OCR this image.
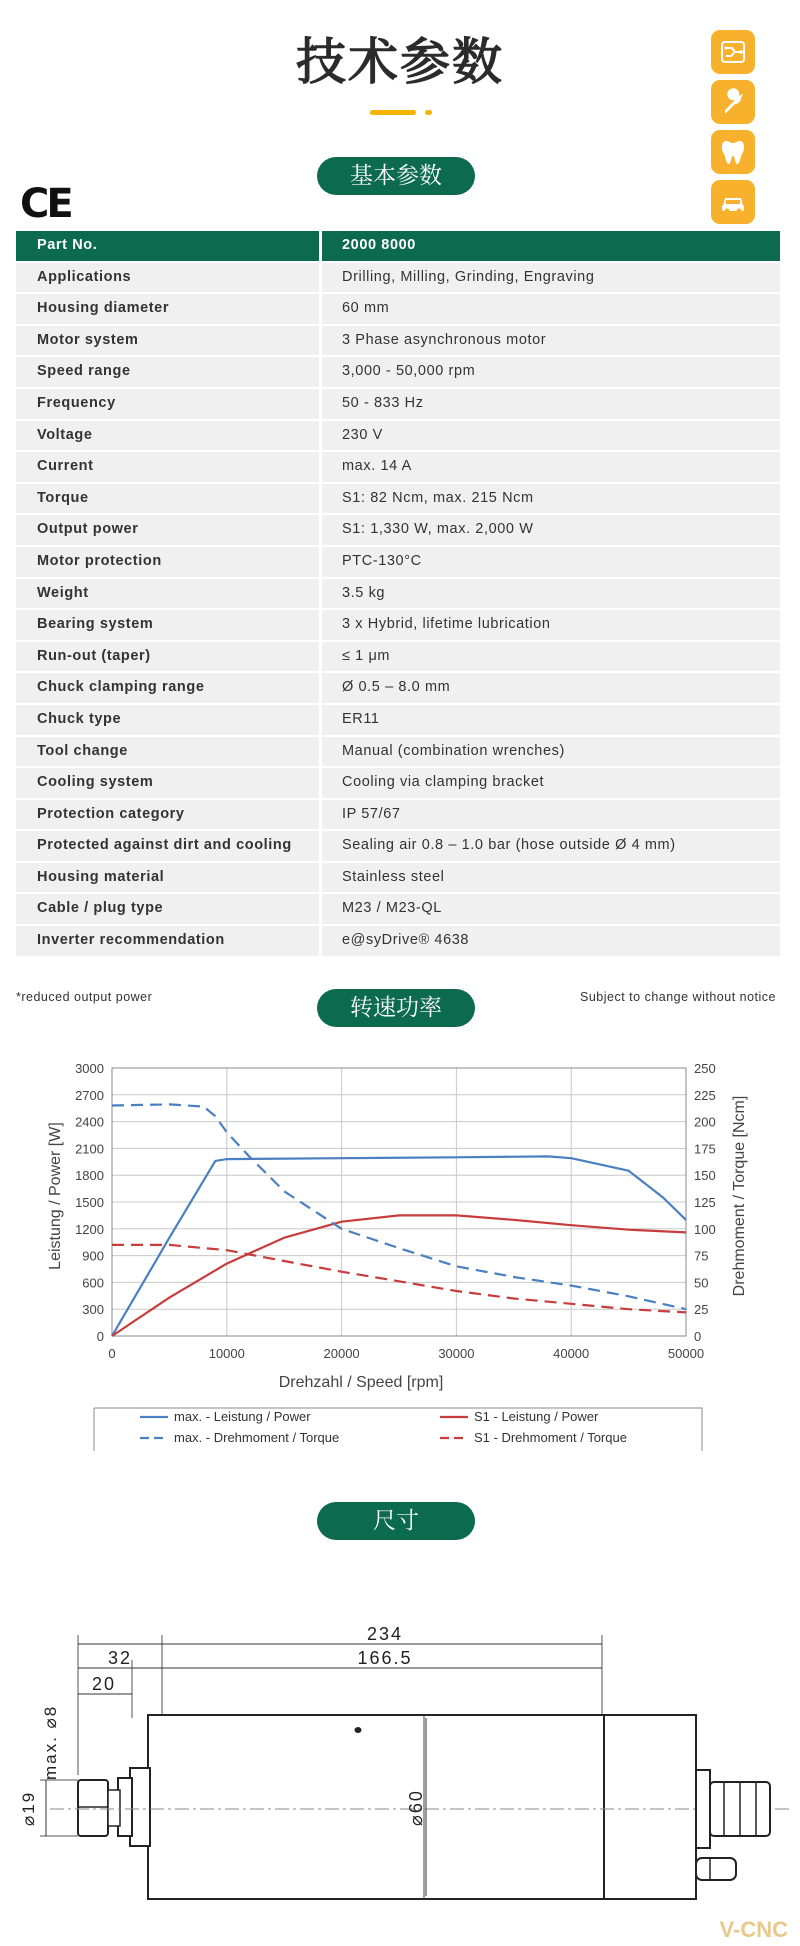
技术参数
基本参数
CE
Part No.	2000 8000
Applications	Drilling, Milling, Grinding, Engraving
Housing diameter	60 mm
Motor system	3 Phase asynchronous motor
Speed range	3,000 - 50,000 rpm
Frequency	50 - 833 Hz
Voltage	230 V
Current	max. 14 A
Torque	S1: 82 Ncm, max. 215 Ncm
Output power	S1: 1,330 W, max. 2,000 W
Motor protection	PTC-130°C
Weight	3.5 kg
Bearing system	3 x Hybrid, lifetime lubrication
Run-out (taper)	≤ 1 μm
Chuck clamping range	Ø 0.5 – 8.0 mm
Chuck type	ER11
Tool change	Manual (combination wrenches)
Cooling system	Cooling via clamping bracket
Protection category	IP 57/67
Protected against dirt and cooling	Sealing air 0.8 – 1.0 bar (hose outside Ø 4 mm)
Housing material	Stainless steel
Cable / plug type	M23 / M23-QL
Inverter recommendation	e@syDrive® 4638
*reduced output power	Subject to change without notice
转速功率
0
300
600
900
1200
1500
1800
2100
2400
2700
3000
0
25
50
75
100
125
150
175
200
225
250
0	10000	20000	30000	40000	50000
Drehzahl / Speed [rpm]
Leistung / Power [W]	Drehmoment / Torque [Ncm]
max. - Leistung / Power	S1 - Leistung / Power
max. - Drehmoment / Torque	S1 - Drehmoment / Torque
尺寸
234
166.5
32
20
⌀60
⌀19
max. ⌀8
V-CNC
